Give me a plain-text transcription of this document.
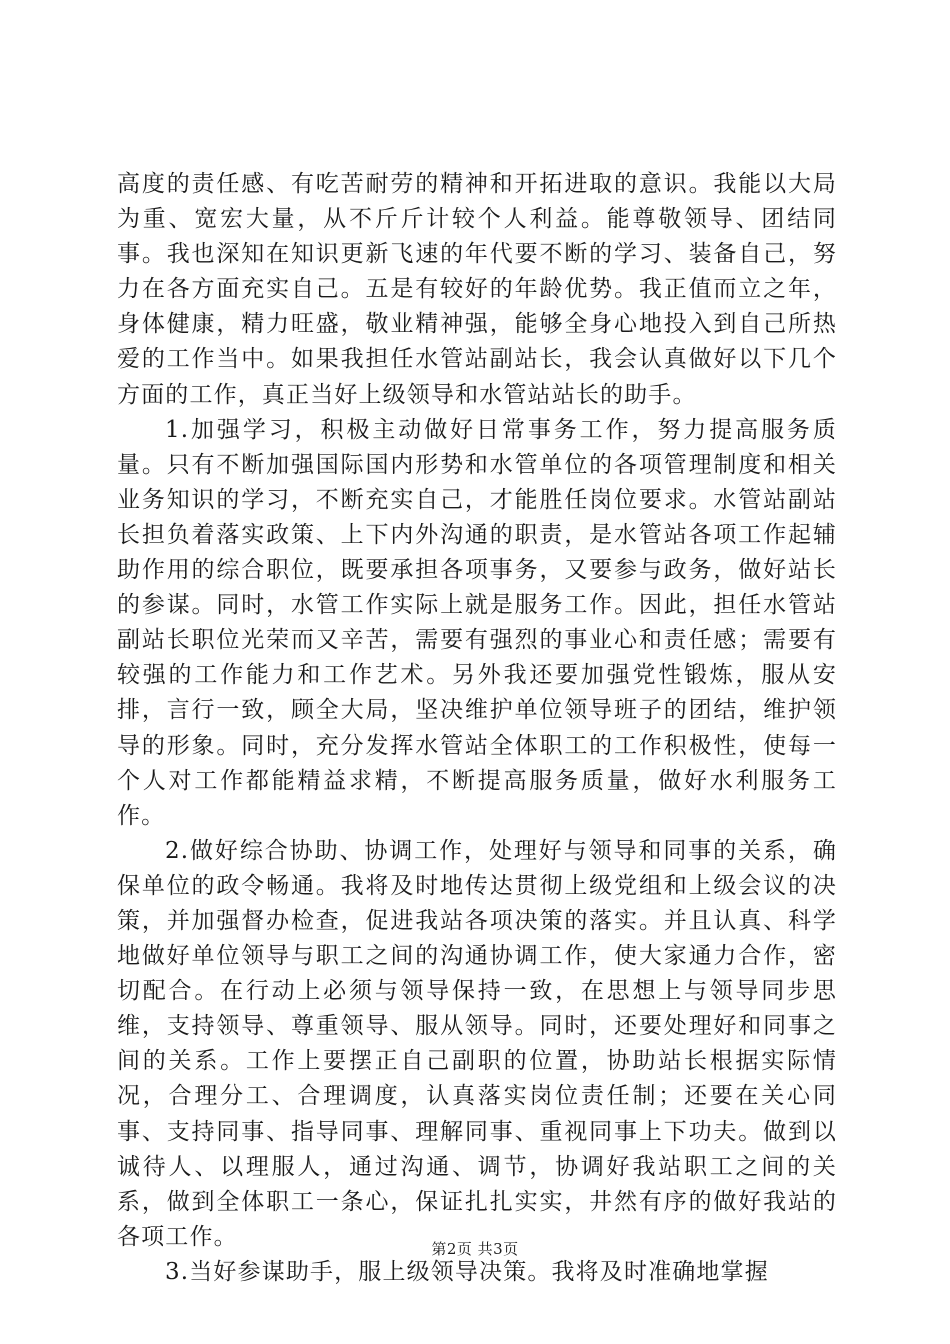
高度的责任感、有吃苦耐劳的精神和开拓进取的意识。我能以大局为重、宽宏大量，从不斤斤计较个人利益。能尊敬领导、团结同事。我也深知在知识更新飞速的年代要不断的学习、装备自己，努力在各方面充实自己。五是有较好的年龄优势。我正值而立之年，身体健康，精力旺盛，敬业精神强，能够全身心地投入到自己所热爱的工作当中。如果我担任水管站副站长，我会认真做好以下几个方面的工作，真正当好上级领导和水管站站长的助手。

1.加强学习，积极主动做好日常事务工作，努力提高服务质量。只有不断加强国际国内形势和水管单位的各项管理制度和相关业务知识的学习，不断充实自己，才能胜任岗位要求。水管站副站长担负着落实政策、上下内外沟通的职责，是水管站各项工作起辅助作用的综合职位，既要承担各项事务，又要参与政务，做好站长的参谋。同时，水管工作实际上就是服务工作。因此，担任水管站副站长职位光荣而又辛苦，需要有强烈的事业心和责任感；需要有较强的工作能力和工作艺术。另外我还要加强党性锻炼，服从安排，言行一致，顾全大局，坚决维护单位领导班子的团结，维护领导的形象。同时，充分发挥水管站全体职工的工作积极性，使每一个人对工作都能精益求精，不断提高服务质量，做好水利服务工作。

2.做好综合协助、协调工作，处理好与领导和同事的关系，确保单位的政令畅通。我将及时地传达贯彻上级党组和上级会议的决策，并加强督办检查，促进我站各项决策的落实。并且认真、科学地做好单位领导与职工之间的沟通协调工作，使大家通力合作，密切配合。在行动上必须与领导保持一致，在思想上与领导同步思维，支持领导、尊重领导、服从领导。同时，还要处理好和同事之间的关系。工作上要摆正自己副职的位置，协助站长根据实际情况，合理分工、合理调度，认真落实岗位责任制；还要在关心同事、支持同事、指导同事、理解同事、重视同事上下功夫。做到以诚待人、以理服人，通过沟通、调节，协调好我站职工之间的关系，做到全体职工一条心，保证扎扎实实，井然有序的做好我站的各项工作。

3.当好参谋助手，服上级领导决策。我将及时准确地掌握

第2页 共3页
